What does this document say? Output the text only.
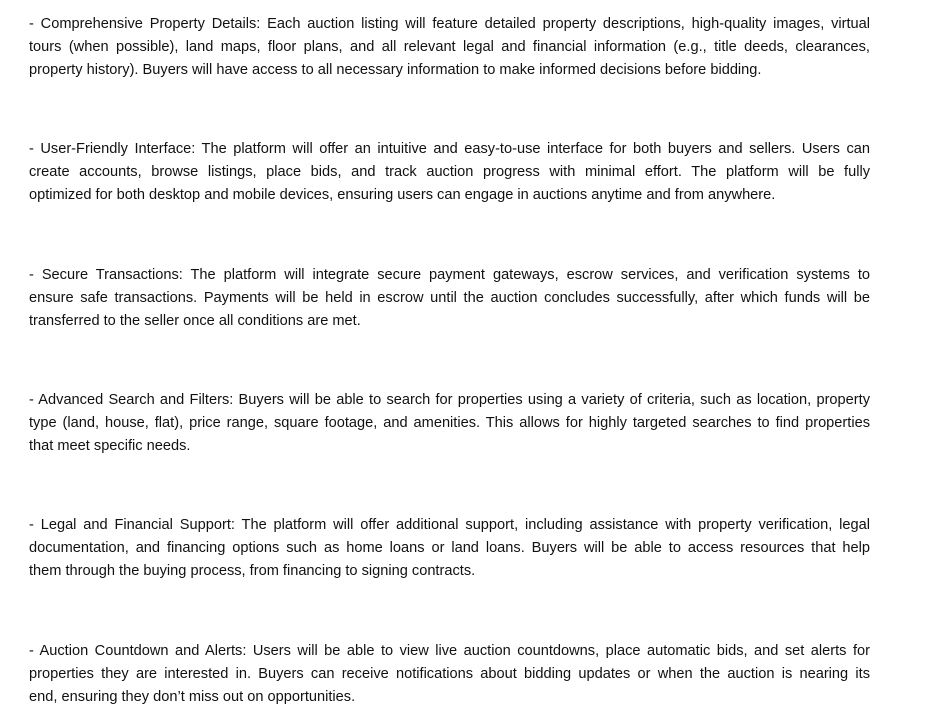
- Comprehensive Property Details: Each auction listing will feature detailed property descriptions, high-quality images, virtual
tours (when possible), land maps, floor plans, and all relevant legal and financial information (e.g., title deeds, clearances,
property history). Buyers will have access to all necessary information to make informed decisions before bidding.

- User-Friendly Interface: The platform will offer an intuitive and easy-to-use interface for both buyers and sellers. Users can
create accounts, browse listings, place bids, and track auction progress with minimal effort. The platform will be fully
optimized for both desktop and mobile devices, ensuring users can engage in auctions anytime and from anywhere.

- Secure Transactions: The platform will integrate secure payment gateways, escrow services, and verification systems to
ensure safe transactions. Payments will be held in escrow until the auction concludes successfully, after which funds will be
transferred to the seller once all conditions are met.

- Advanced Search and Filters: Buyers will be able to search for properties using a variety of criteria, such as location, property
type (land, house, flat), price range, square footage, and amenities. This allows for highly targeted searches to find properties
that meet specific needs.

- Legal and Financial Support: The platform will offer additional support, including assistance with property verification, legal
documentation, and financing options such as home loans or land loans. Buyers will be able to access resources that help
them through the buying process, from financing to signing contracts.

- Auction Countdown and Alerts: Users will be able to view live auction countdowns, place automatic bids, and set alerts for
properties they are interested in. Buyers can receive notifications about bidding updates or when the auction is nearing its
end, ensuring they don’t miss out on opportunities.
